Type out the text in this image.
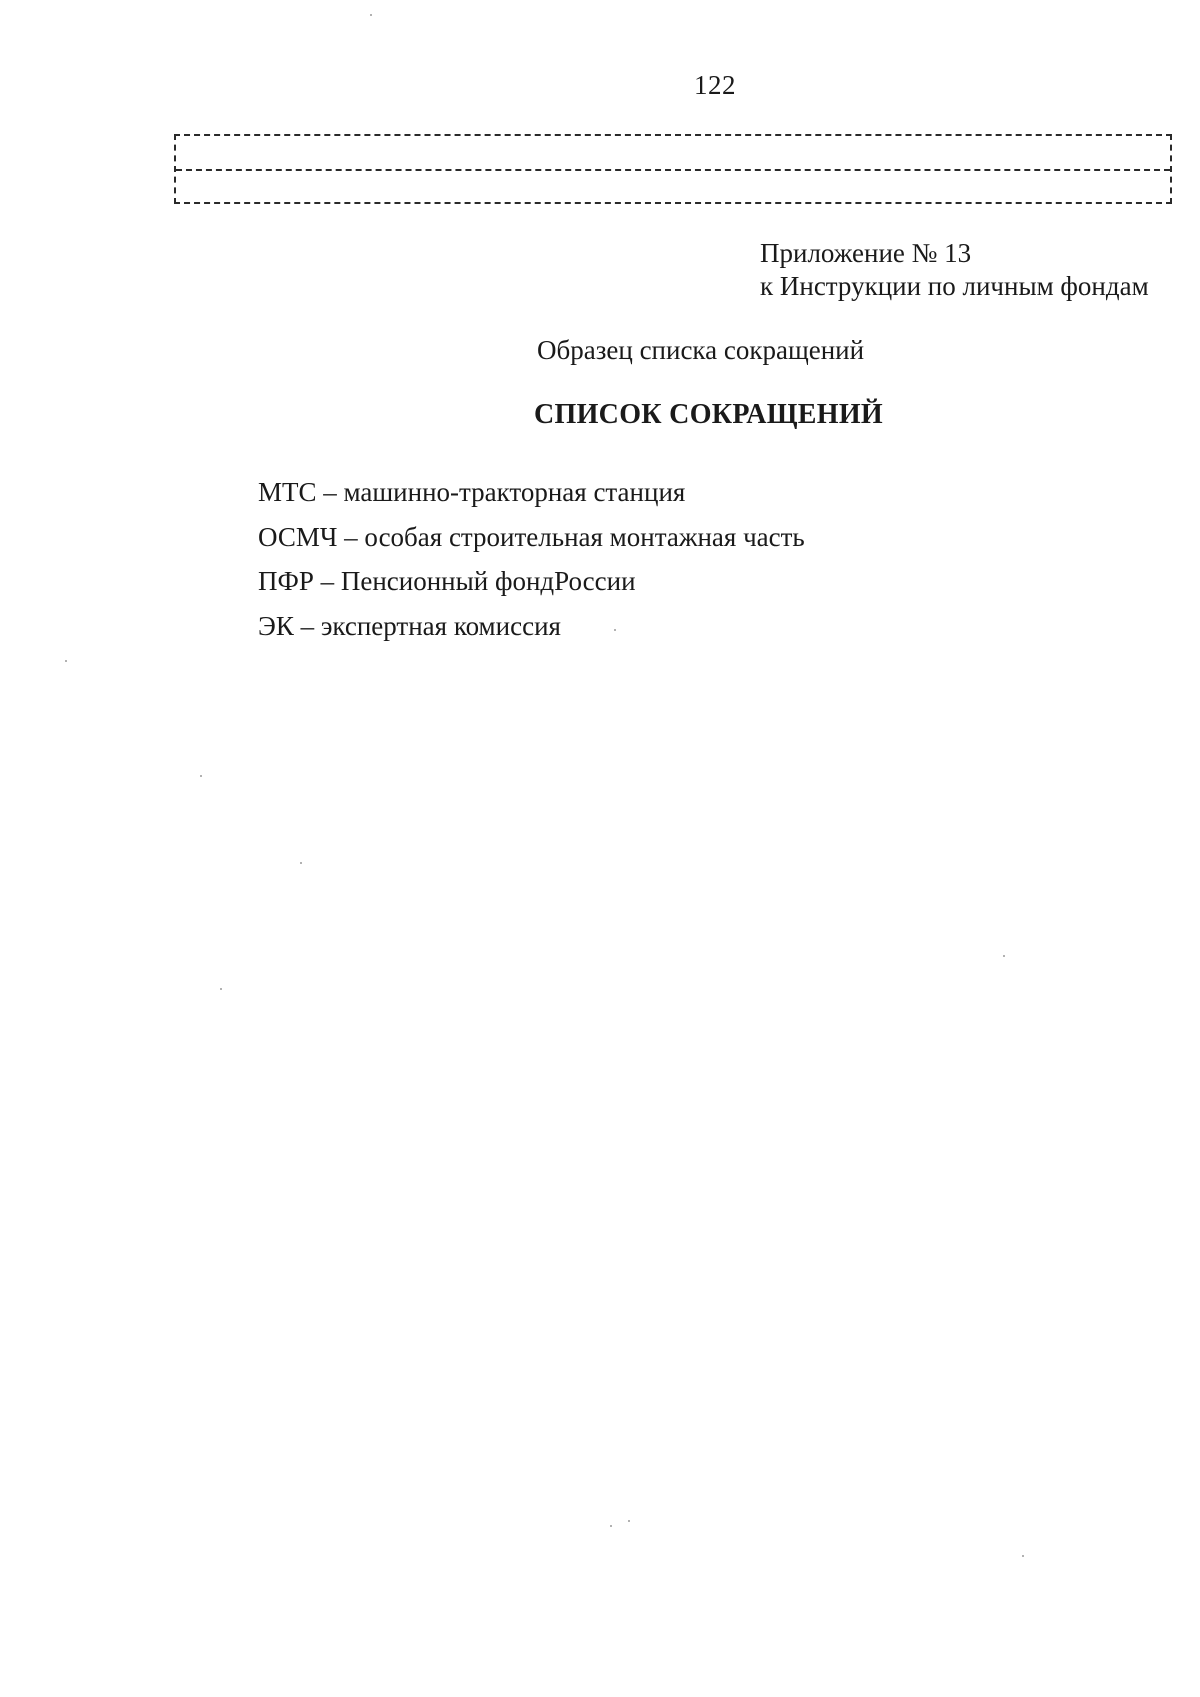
122
Приложение № 13
к Инструкции по личным фондам
Образец списка сокращений
СПИСОК СОКРАЩЕНИЙ
МТС – машинно-тракторная станция
ОСМЧ – особая строительная монтажная часть
ПФР – Пенсионный фондРоссии
ЭК – экспертная комиссия
